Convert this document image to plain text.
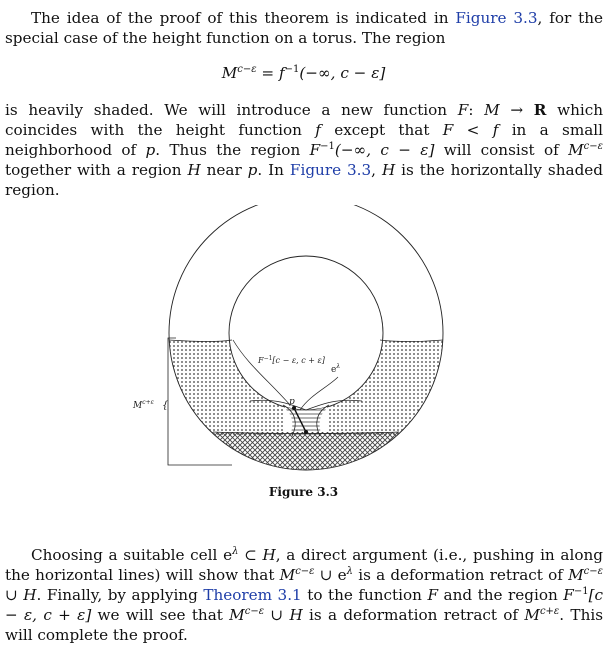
The idea of the proof of this theorem is indicated in Figure 3.3, for the special case of the height function on a torus. The region

$M^{c-\varepsilon} = f^{-1}(-\infty$, c − ε]

is heavily shaded. We will introduce a new function F: M → R which coincides with the height function f except that F < f in a small neighborhood of p. Thus the region $F^{-1}(-\infty$, c − ε] will consist of $M^{c-\varepsilon}$ together with a region H near p. In Figure 3.3, H is the horizontally shaded region.

$F^{-1}[c - \varepsilon$, c + ε]
$e^\lambda$
p
$M^{c+\varepsilon}$ {
Figure 3.3

Choosing a suitable cell $e^\lambda$ ⊂ H, a direct argument (i.e., pushing in along the horizontal lines) will show that $M^{c-\varepsilon}$ ∪ $e^\lambda$ is a deformation retract of $M^{c-\varepsilon}$ ∪ H. Finally, by applying Theorem 3.1 to the function F and the region $F^{-1}[c - \varepsilon$, c + ε] we will see that $M^{c-\varepsilon}$ ∪ H is a deformation retract of $M^{c+\varepsilon}$. This will complete the proof.
